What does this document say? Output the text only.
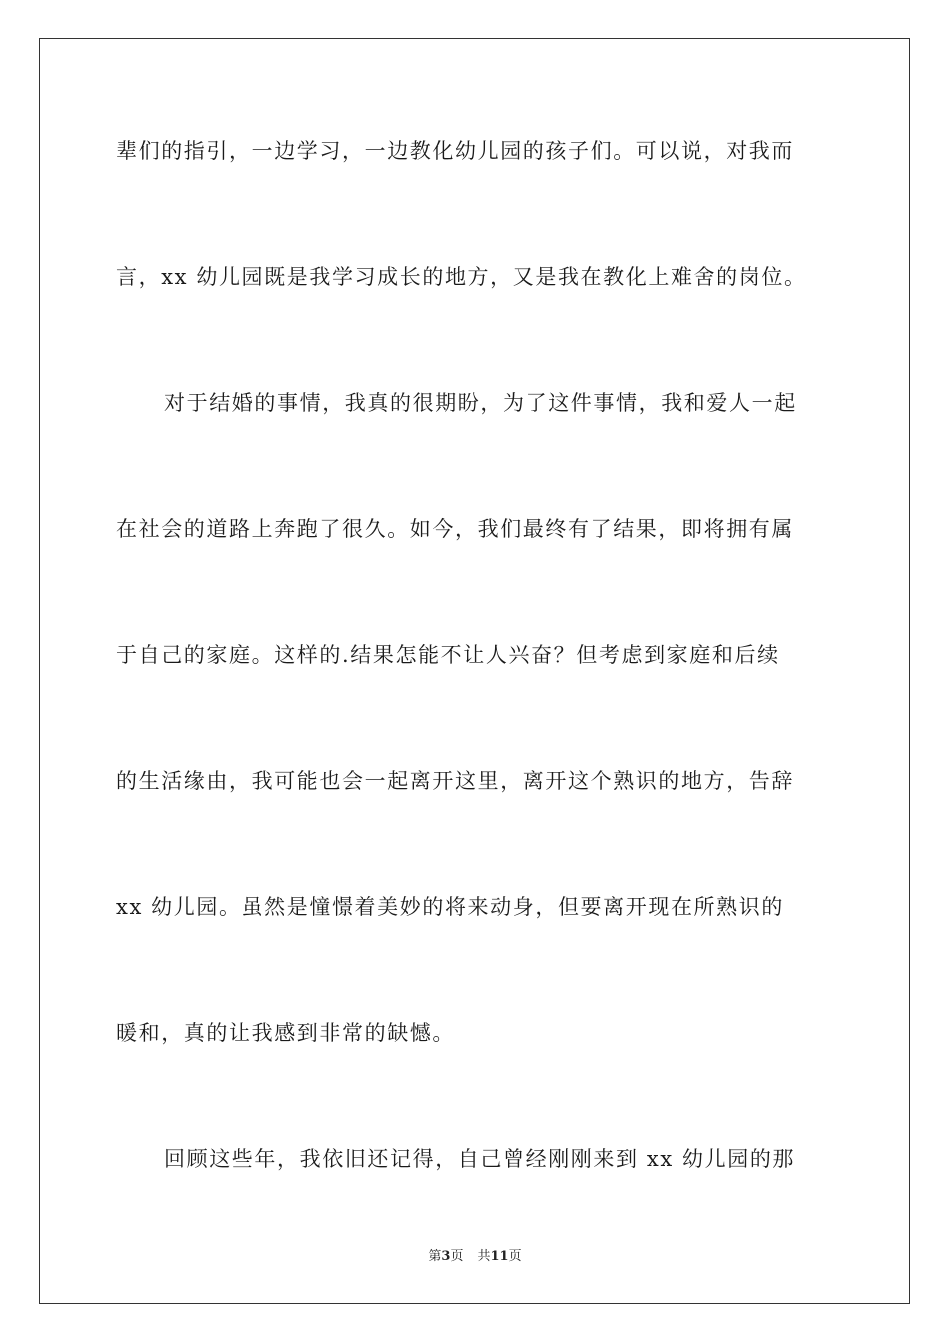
辈们的指引，一边学习，一边教化幼儿园的孩子们。可以说，对我而
言，xx 幼儿园既是我学习成长的地方，又是我在教化上难舍的岗位。
对于结婚的事情，我真的很期盼，为了这件事情，我和爱人一起
在社会的道路上奔跑了很久。如今，我们最终有了结果，即将拥有属
于自己的家庭。这样的.结果怎能不让人兴奋？但考虑到家庭和后续
的生活缘由，我可能也会一起离开这里，离开这个熟识的地方，告辞
xx 幼儿园。虽然是憧憬着美妙的将来动身，但要离开现在所熟识的
暖和，真的让我感到非常的缺憾。
回顾这些年，我依旧还记得，自己曾经刚刚来到 xx 幼儿园的那
第3页 共11页
